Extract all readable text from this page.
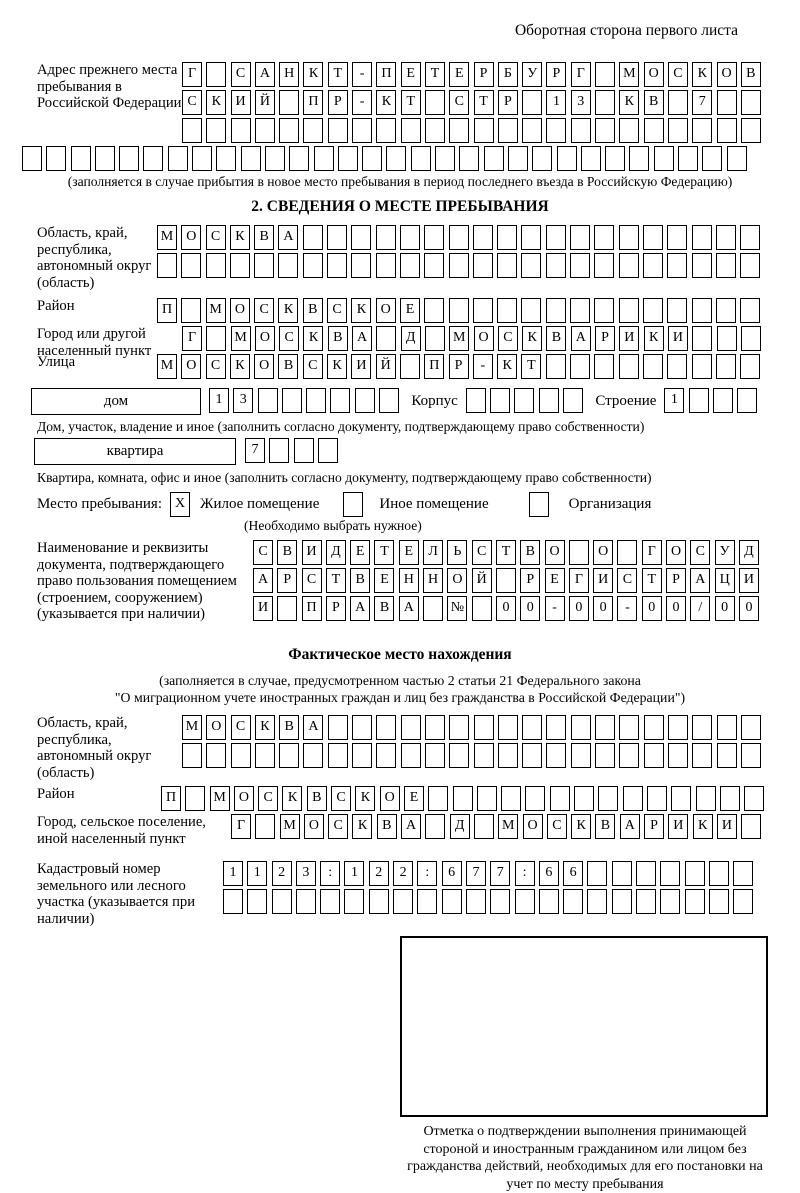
Оборотная сторона первого листа
Адрес прежнего места пребывания в Российской Федерации
Г	С А Н К Т - П Е Т Е Р Б У Р Г	М О С К О В
С К И Й	П Р - К Т	С Т Р	1 3	К В	7
(заполняется в случае прибытия в новое место пребывания в период последнего въезда в Российскую Федерацию)
2. СВЕДЕНИЯ О МЕСТЕ ПРЕБЫВАНИЯ
Область, край, республика, автономный округ (область)
М О С К В А
Район	П	М О С К В С К О Е
Город или другой населенный пункт
Г	М О С К В А	Д	М О С К В А Р И К И
Улица	М О С К О В С К И Й	П Р - К Т
дом	1 3	Корпус	Строение	1
Дом, участок, владение и иное (заполнить согласно документу, подтверждающему право собственности)
квартира	7
Квартира, комната, офис и иное (заполнить согласно документу, подтверждающему право собственности)
Место пребывания: X Жилое помещение	Иное помещение	Организация
(Необходимо выбрать нужное)
Наименование и реквизиты документа, подтверждающего право пользования помещением (строением, сооружением) (указывается при наличии)
С В И Д Е Т Е Л Ь С Т В О	О	Г О С У Д
А Р С Т В Е Н Н О Й	Р Е Г И С Т Р А Ц И
И	П Р А В А	№	0 0 - 0 0 - 0 0 / 0 0
Фактическое место нахождения
(заполняется в случае, предусмотренном частью 2 статьи 21 Федерального закона
"О миграционном учете иностранных граждан и лиц без гражданства в Российской Федерации")
Область, край, республика, автономный округ (область)
М О С К В А
Район	П	М О С К В С К О Е
Город, сельское поселение, иной населенный пункт
Г	М О С К В А	Д	М О С К В А Р И К И
Кадастровый номер земельного или лесного участка (указывается при наличии)
1 1 2 3 : 1 2 2 : 6 7 7 : 6 6
Отметка о подтверждении выполнения принимающей стороной и иностранным гражданином или лицом без гражданства действий, необходимых для его постановки на учет по месту пребывания
